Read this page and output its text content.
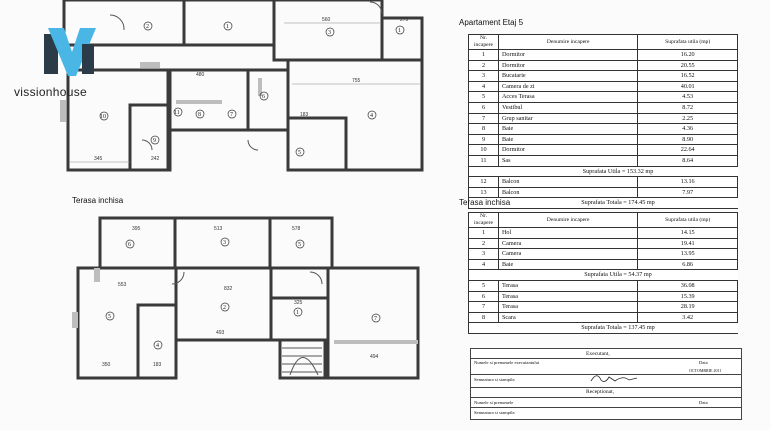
2	1
3	1
4
10
9
8	7
6
5
11
560	270
755
480
345	242
183
6	3	5
2
1
5	7
4
395	513	578
832
325
493
553
350	183
494
Terasa inchisa
vissionhouse
Apartament Etaj 5
Nr. incapere	Denumire incapere	Suprafata utila (mp)
1	Dormitor	16.20
2	Dormitor	20.55
3	Bucatarie	16.52
4	Camera de zi	40.01
5	Acces Terasa	4.53
6	Vestibul	8.72
7	Grup sanitar	2.25
8	Baie	4.36
9	Baie	8.90
10	Dormitor	22.64
11	Sas	8.64
	Suprafata Utila = 153.32 mp	
12	Balcon	13.16
13	Balcon	7.97
	Suprafata Totala = 174.45 mp	
Terasa inchisa
Nr. incapere	Denumire incapere	Suprafata utila (mp)
1	Hol	14.15
2	Camera	19.41
3	Camera	13.95
4	Baie	6.86
	Suprafata Utila = 54.37 mp	
5	Terasa	36.08
6	Terasa	15.39
7	Terasa	28.19
8	Scara	3.42
	Suprafata Totala = 137.45 mp	
Executant,
Numele si prenumele executantului	Data
OCTOMBRIE 2011
Semnatura si stampila
Receptionat,
Numele si prenumele	Data
Semnatura si stampila
